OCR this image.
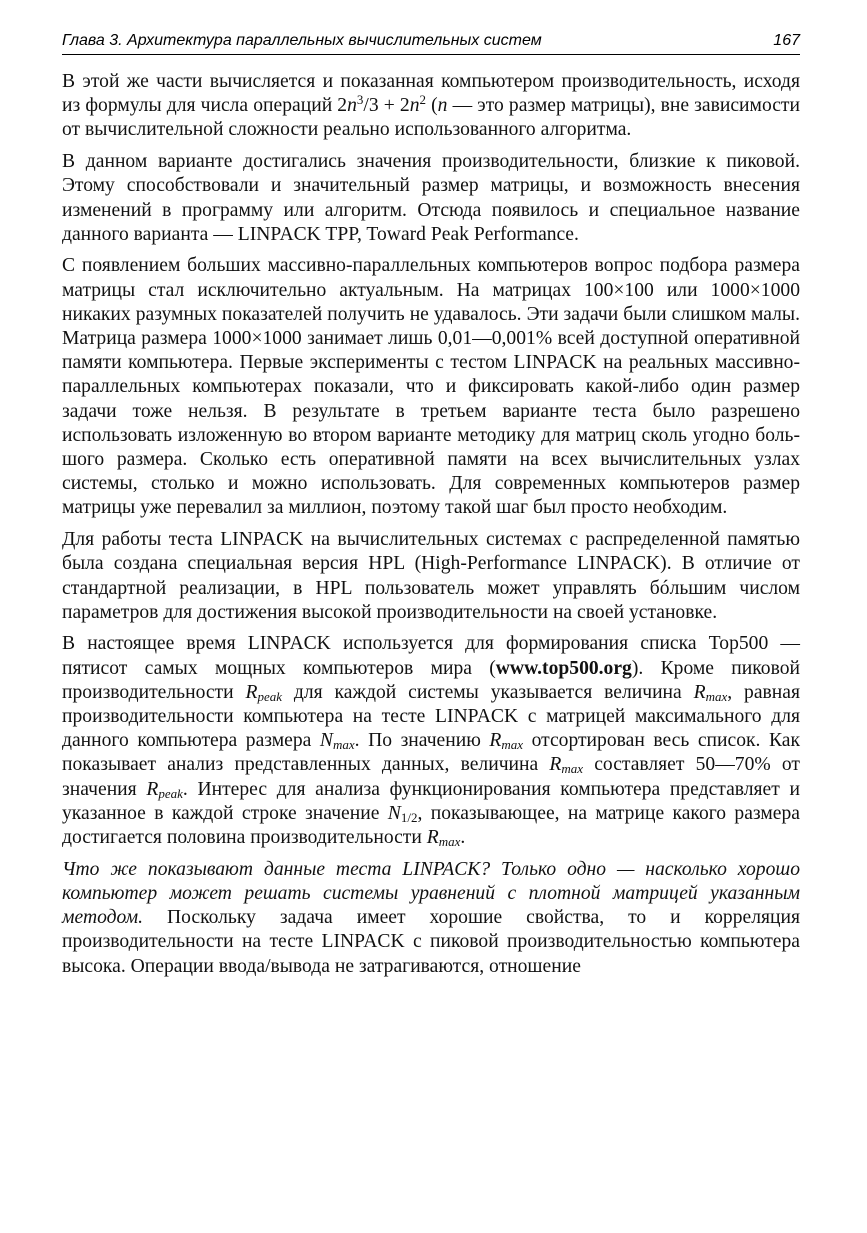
Глава 3. Архитектура параллельных вычислительных систем	167

В этой же части вычисляется и показанная компьютером производительность, исходя из формулы для числа операций $2n^3/3 + 2n^2$ (n — это размер матрицы), вне зависимости от вычислительной сложности реально использованного алгоритма.

В данном варианте достигались значения производительности, близкие к пиковой. Этому способствовали и значительный размер матрицы, и возможность внесения изменений в программу или алгоритм. Отсюда появилось и специальное название данного варианта — LINPACK TPP, Toward Peak Performance.

С появлением больших массивно-параллельных компьютеров вопрос подбора размера матрицы стал исключительно актуальным. На матрицах 100×100 или 1000×1000 никаких разумных показателей получить не удавалось. Эти задачи были слишком малы. Матрица размера 1000×1000 занимает лишь 0,01—0,001% всей доступной оперативной памяти компьютера. Первые эксперименты с тестом LINPACK на реальных массивно-параллельных компьютерах показали, что и фиксировать какой-либо один размер задачи тоже нельзя. В результате в третьем варианте теста было разрешено использовать изложенную во втором варианте методику для матриц сколь угодно большого размера. Сколько есть оперативной памяти на всех вычислительных узлах системы, столько и можно использовать. Для современных компьютеров размер матрицы уже перевалил за миллион, поэтому такой шаг был просто необходим.

Для работы теста LINPACK на вычислительных системах с распределенной памятью была создана специальная версия HPL (High-Performance LINPACK). В отличие от стандартной реализации, в HPL пользователь может управлять бóльшим числом параметров для достижения высокой производительности на своей установке.

В настоящее время LINPACK используется для формирования списка Top500 — пятисот самых мощных компьютеров мира (www.top500.org). Кроме пиковой производительности $R_{peak}$ для каждой системы указывается величина $R_{max}$, равная производительности компьютера на тесте LINPACK с матрицей максимального для данного компьютера размера $N_{max}$. По значению $R_{max}$ отсортирован весь список. Как показывает анализ представленных данных, величина $R_{max}$ составляет 50—70% от значения $R_{peak}$. Интерес для анализа функционирования компьютера представляет и указанное в каждой строке значение $N_{1/2}$, показывающее, на матрице какого размера достигается половина производительности $R_{max}$.

Что же показывают данные теста LINPACK? Только одно — насколько хорошо компьютер может решать системы уравнений с плотной матрицей указанным методом. Поскольку задача имеет хорошие свойства, то и корреляция производительности на тесте LINPACK с пиковой производительностью компьютера высока. Операции ввода/вывода не затрагиваются, отношение
